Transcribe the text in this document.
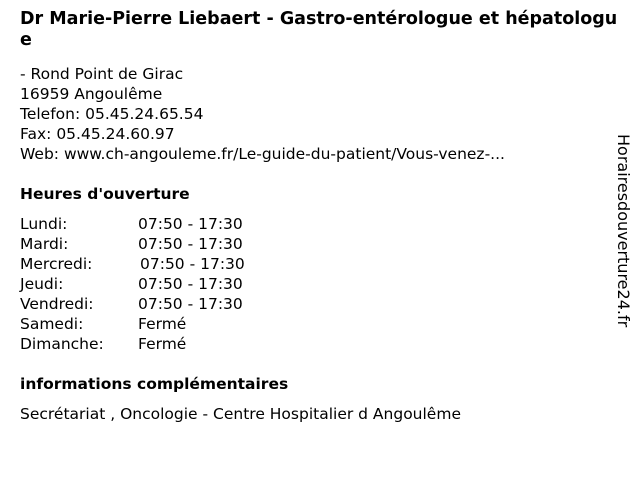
Dr Marie-Pierre Liebaert - Gastro-entérologue et hépatologue
- Rond Point de Girac
16959 Angoulême
Telefon: 05.45.24.65.54
Fax: 05.45.24.60.97
Web: www.ch-angouleme.fr/Le-guide-du-patient/Vous-venez-...
Heures d'ouverture
Lundi:	07:50 - 17:30
Mardi:	07:50 - 17:30
Mercredi:	07:50 - 17:30
Jeudi:	07:50 - 17:30
Vendredi:	07:50 - 17:30
Samedi:	Fermé
Dimanche: Fermé
informations complémentaires
Secrétariat , Oncologie - Centre Hospitalier d Angoulême
Horairesdouverture24.fr
